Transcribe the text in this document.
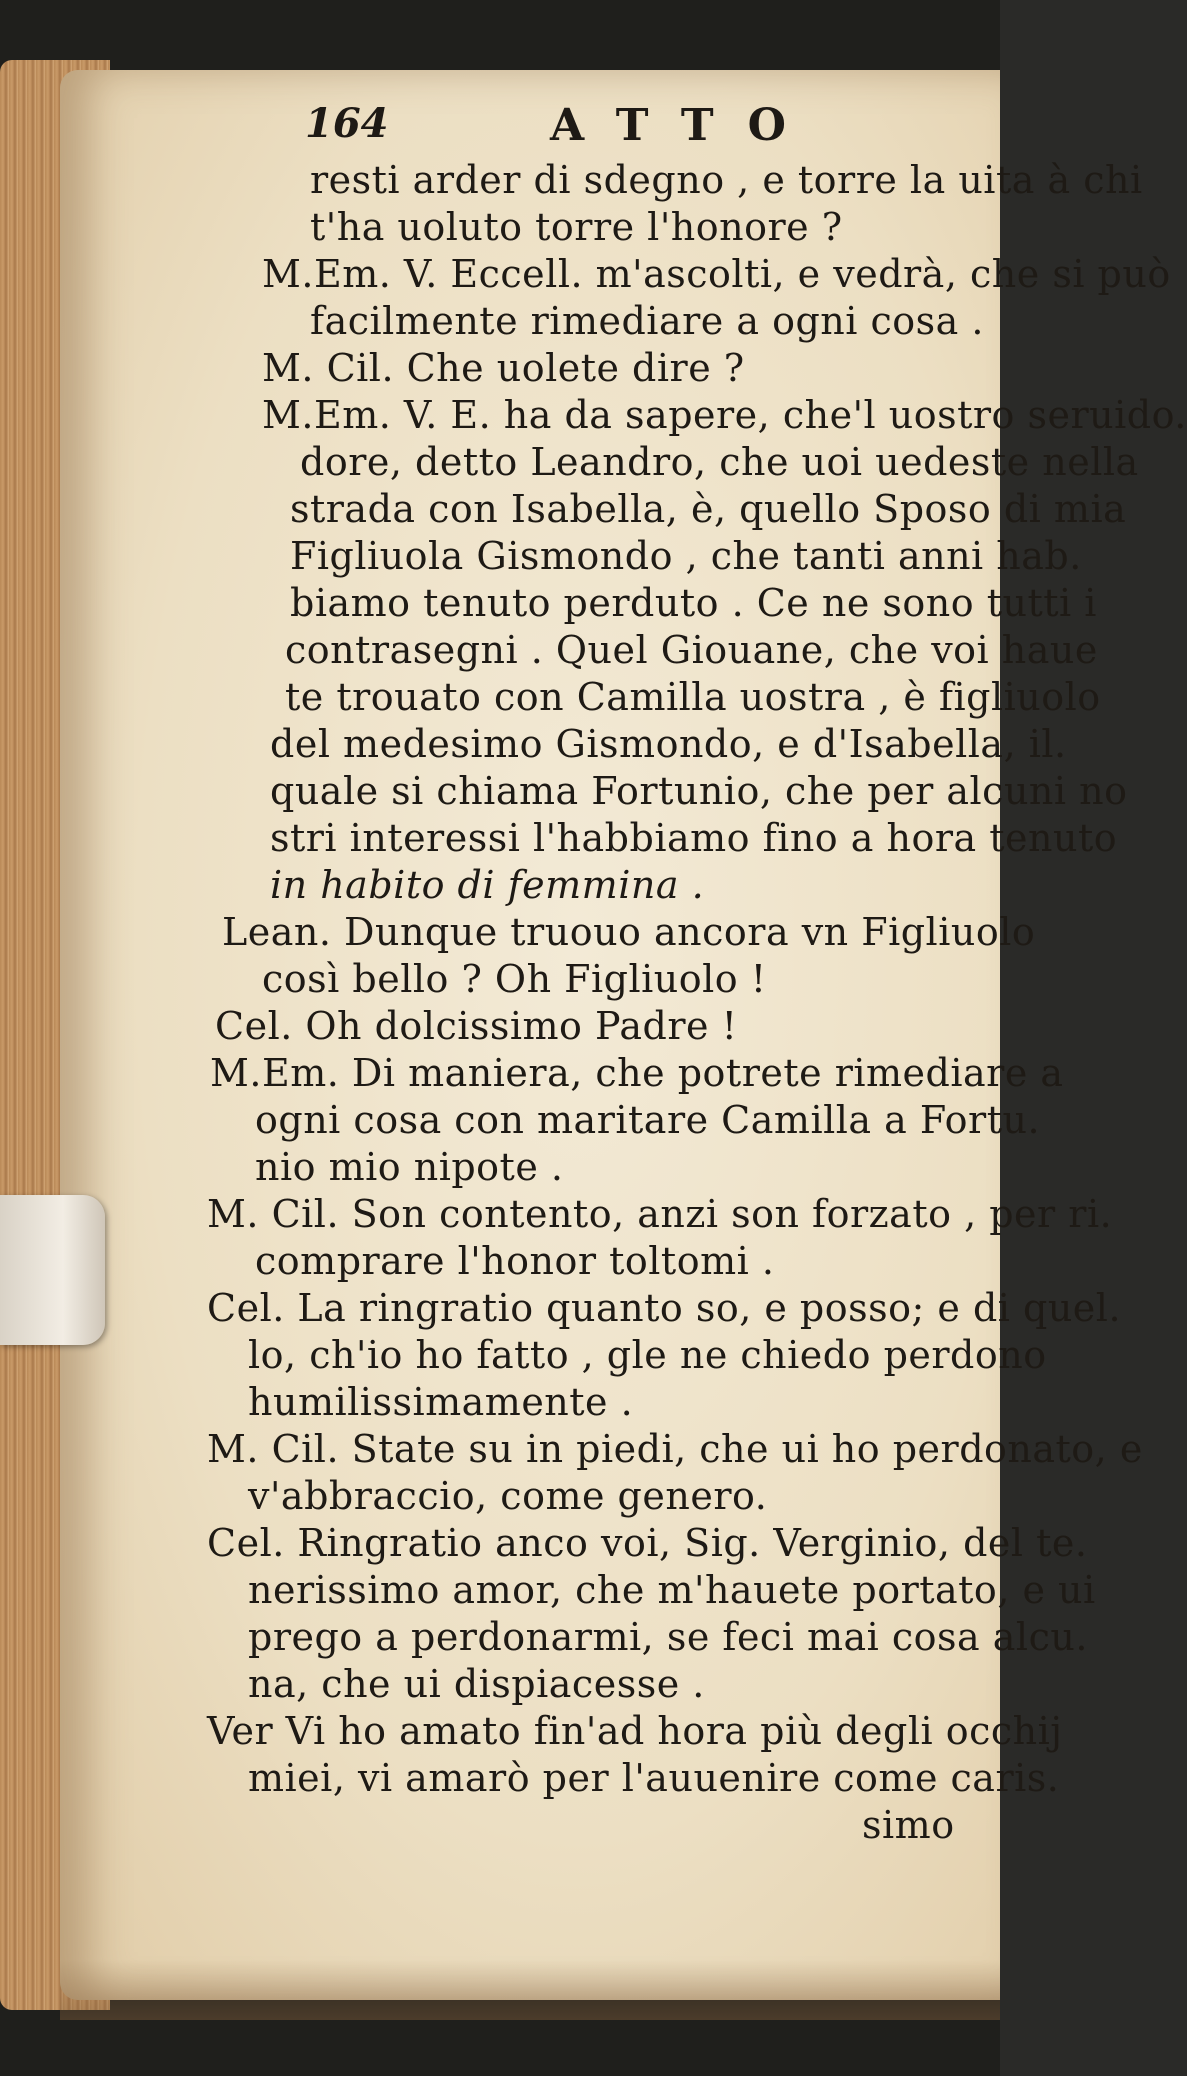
164	ATTO
resti arder di sdegno , e torre la uita à chi
t'ha uoluto torre l'honore ?
M.Em. V. Eccell. m'ascolti, e vedrà, che si può
facilmente rimediare a ogni cosa .
M. Cil. Che uolete dire ?
M.Em. V. E. ha da sapere, che'l uostro seruido.
dore, detto Leandro, che uoi uedeste nella
strada con Isabella, è, quello Sposo di mia
Figliuola Gismondo , che tanti anni hab.
biamo tenuto perduto . Ce ne sono tutti i
contrasegni . Quel Giouane, che voi haue
te trouato con Camilla uostra , è figliuolo
del medesimo Gismondo, e d'Isabella, il.
quale si chiama Fortunio, che per alcuni no
stri interessi l'habbiamo fino a hora tenuto
in habito di femmina .
Lean. Dunque truouo ancora vn Figliuolo
così bello ? Oh Figliuolo !
Cel. Oh dolcissimo Padre !
M.Em. Di maniera, che potrete rimediare a
ogni cosa con maritare Camilla a Fortu.
nio mio nipote .
M. Cil. Son contento, anzi son forzato , per ri.
comprare l'honor toltomi .
Cel. La ringratio quanto so, e posso; e di quel.
lo, ch'io ho fatto , gle ne chiedo perdono
humilissimamente .
M. Cil. State su in piedi, che ui ho perdonato, e
v'abbraccio, come genero.
Cel. Ringratio anco voi, Sig. Verginio, del te.
nerissimo amor, che m'hauete portato, e ui
prego a perdonarmi, se feci mai cosa alcu.
na, che ui dispiacesse .
Ver Vi ho amato fin'ad hora più degli occhij
miei, vi amarò per l'auuenire come caris.
simo
